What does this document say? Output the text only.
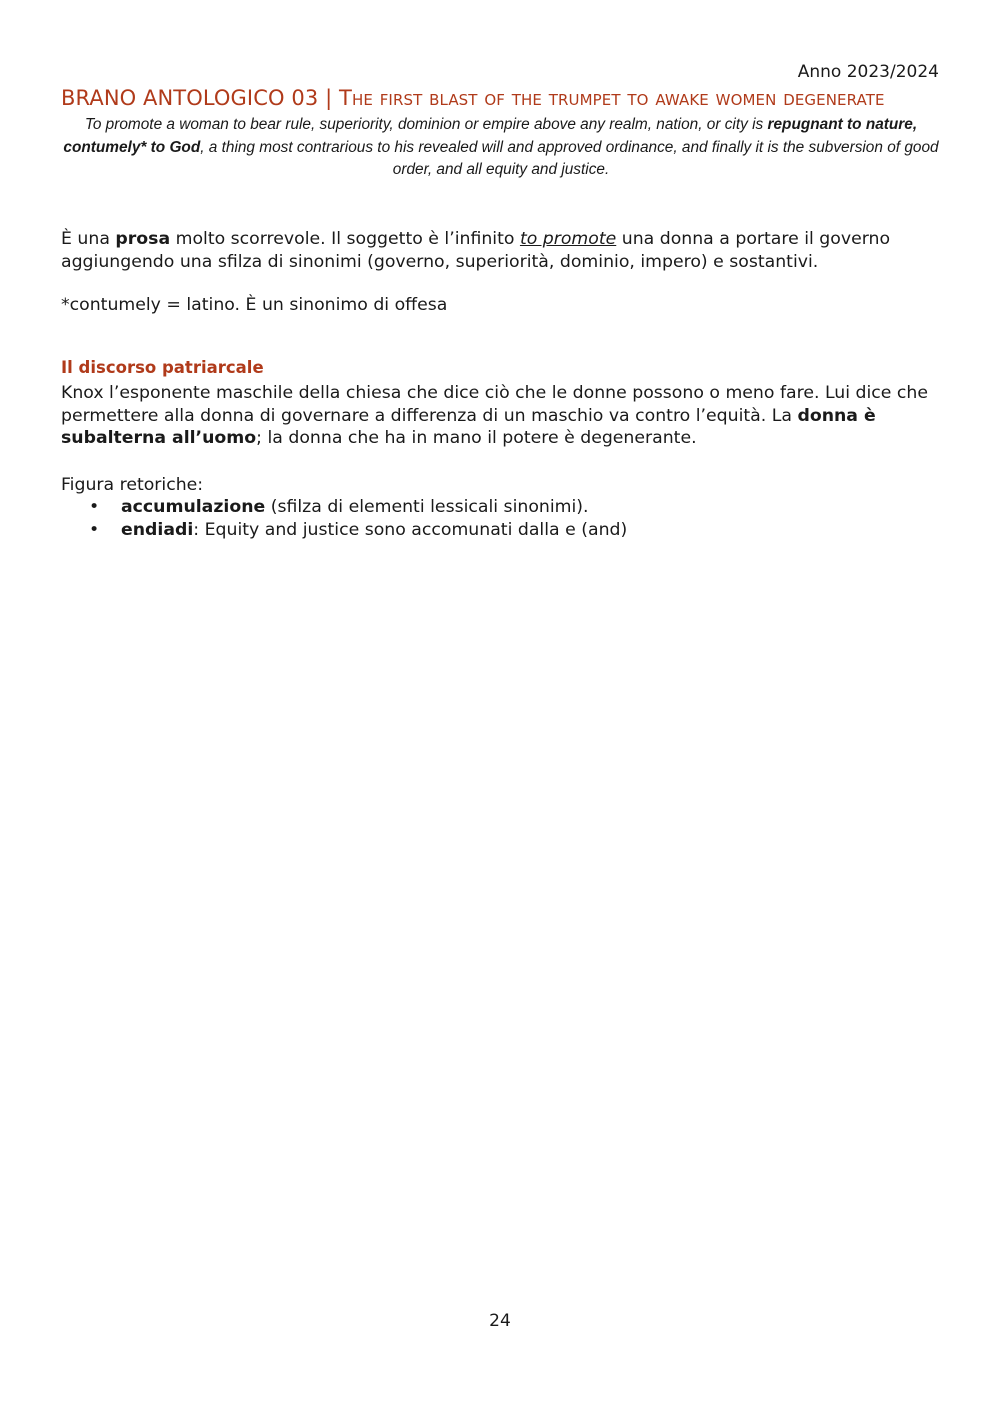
Anno 2023/2024
BRANO ANTOLOGICO 03 | The first blast of the trumpet to awake women degenerate
To promote a woman to bear rule, superiority, dominion or empire above any realm, nation, or city is repugnant to nature, contumely* to God, a thing most contrarious to his revealed will and approved ordinance, and finally it is the subversion of good order, and all equity and justice.
È una prosa molto scorrevole. Il soggetto è l’infinito to promote una donna a portare il governo aggiungendo una sfilza di sinonimi (governo, superiorità, dominio, impero) e sostantivi.
*contumely = latino. È un sinonimo di offesa
Il discorso patriarcale
Knox l’esponente maschile della chiesa che dice ciò che le donne possono o meno fare. Lui dice che permettere alla donna di governare a differenza di un maschio va contro l’equità. La donna è subalterna all’uomo; la donna che ha in mano il potere è degenerante.
Figura retoriche:
• accumulazione (sfilza di elementi lessicali sinonimi).
• endiadi: Equity and justice sono accomunati dalla e (and)
24
